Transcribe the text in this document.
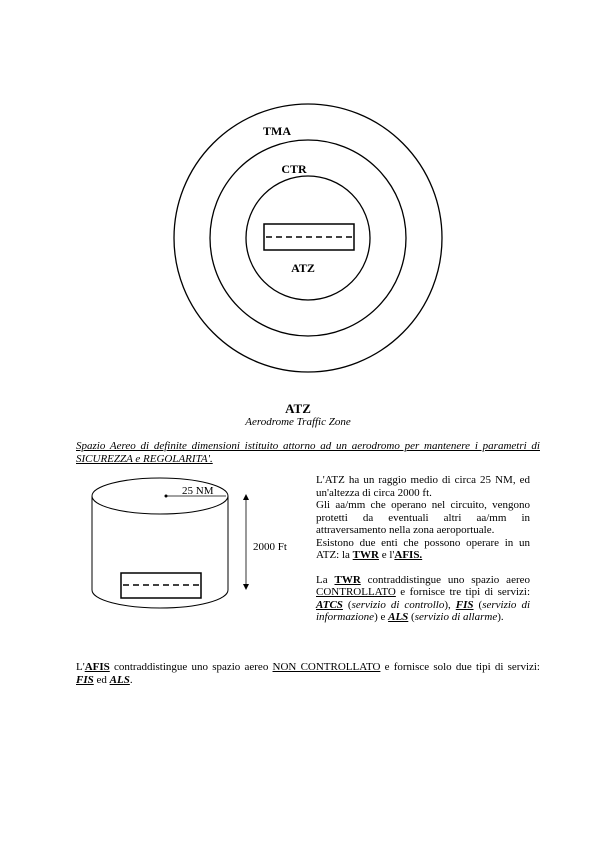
TMA
CTR
ATZ
ATZ
Aerodrome Traffic Zone
Spazio Aereo di definite dimensioni istituito attorno ad un aerodromo per mantenere i parametri di SICUREZZA e REGOLARITA'.
25 NM
2000 Ft

L'ATZ ha un raggio medio di circa 25 NM, ed un'altezza di circa 2000 ft.

Gli aa/mm che operano nel circuito, vengono protetti da eventuali altri aa/mm in attraversamento nella zona aeroportuale.

Esistono due enti che possono operare in un ATZ: la TWR e l'AFIS.

La TWR contraddistingue uno spazio aereo CONTROLLATO e fornisce tre tipi di servizi: ATCS (servizio di controllo), FIS (servizio di informazione) e ALS (servizio di allarme).

L'AFIS contraddistingue uno spazio aereo NON CONTROLLATO e fornisce solo due tipi di servizi: FIS ed ALS.
